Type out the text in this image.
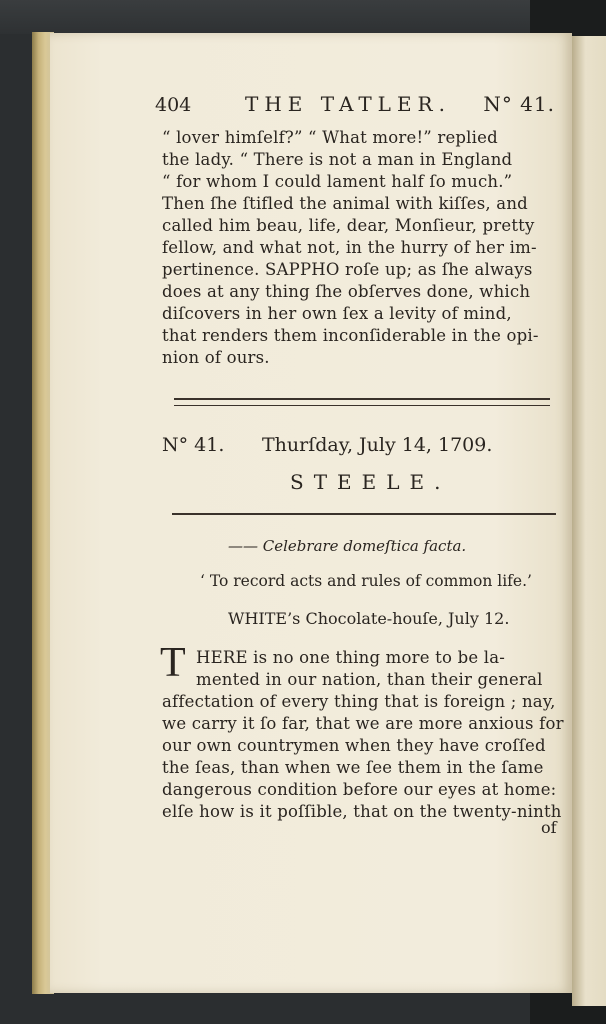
404	THE TATLER. N° 41.
“ lover himſelf?” “ What more!” replied
the lady. “ There is not a man in England
“ for whom I could lament half ſo much.”
Then ſhe ſtifled the animal with kiſſes, and
called him beau, life, dear, Monſieur, pretty
fellow, and what not, in the hurry of her im-
pertinence. SAPPHO roſe up; as ſhe always
does at any thing ſhe obſerves done, which
diſcovers in her own ſex a levity of mind,
that renders them inconſiderable in the opi-
nion of ours.
N° 41. Thurſday, July 14, 1709.
STEELE.
—— Celebrare domeſtica facta.
‘ To record acts and rules of common life.’
WHITE’s Chocolate-houſe, July 12.
T HERE is no one thing more to be la-
mented in our nation, than their general
affectation of every thing that is foreign ; nay,
we carry it ſo far, that we are more anxious for
our own countrymen when they have croſſed
the ſeas, than when we ſee them in the ſame
dangerous condition before our eyes at home:
elſe how is it poſſible, that on the twenty-ninth
of
